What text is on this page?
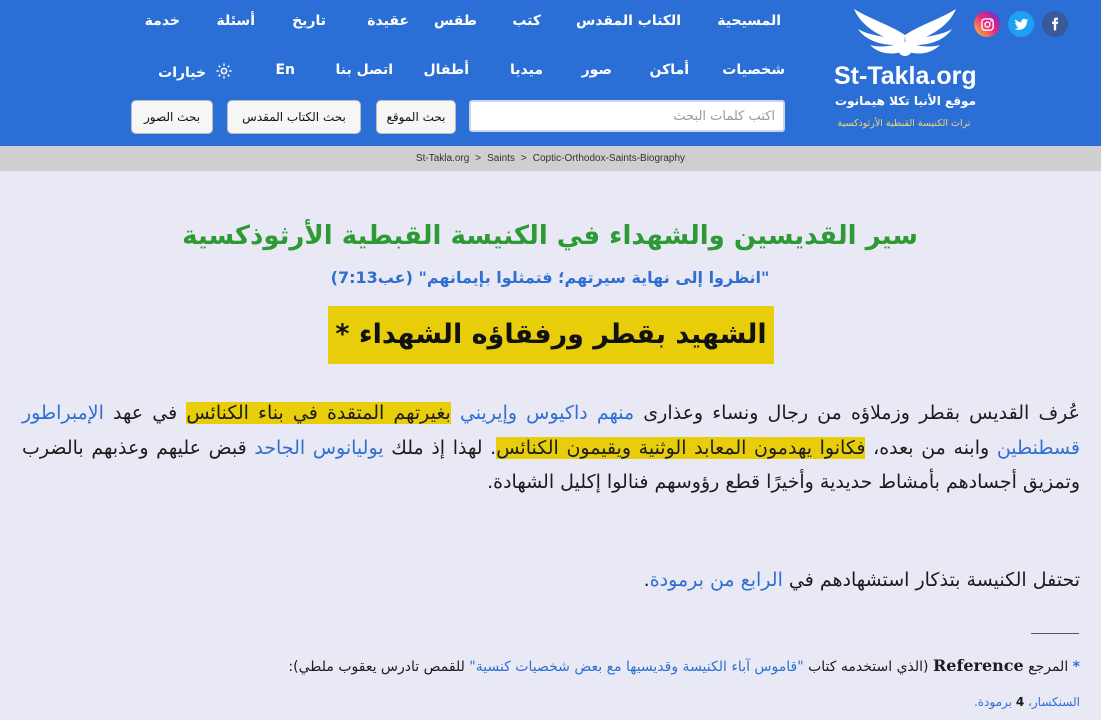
المسيحية
الكتاب المقدس
كتب
طقس
عقيدة
تاريخ
أسئلة
خدمة
شخصيات
أماكن
صور
ميديا
أطفال
اتصل بنا
En
خيارات	St-Takla.org
موقع الأنبا تكلا هيمانوت
تراث الكنيسة القبطية الأرثوذكسية
اكتب كلمات البحث
بحث الموقع
بحث الكتاب المقدس
بحث الصور
St-Takla.org > Saints > Coptic-Orthodox-Saints-Biography
سير القديسين والشهداء في الكنيسة القبطية الأرثوذكسية
"انظروا إلى نهاية سيرتهم؛ فتمثلوا بإيمانهم" (عب7:13)
الشهيد بقطر ورفقاؤه الشهداء *
عُرف القديس بقطر وزملاؤه من رجال ونساء وعذارى منهم داكيوس وإيريني بغيرتهم المتقدة في بناء الكنائس في عهد الإمبراطور قسطنطين وابنه من بعده، فكانوا يهدمون المعابد الوثنية ويقيمون الكنائس. لهذا إذ ملك يوليانوس الجاحد قبض عليهم وعذبهم بالضرب وتمزيق أجسادهم بأمشاط حديدية وأخيرًا قطع رؤوسهم فنالوا إكليل الشهادة.
تحتفل الكنيسة بتذكار استشهادهم في الرابع من برمودة.
* المرجع Reference (الذي استخدمه كتاب "قاموس آباء الكنيسة وقديسيها مع بعض شخصيات كنسية" للقمص تادرس يعقوب ملطي):
السنكسار، 4 برمودة.
